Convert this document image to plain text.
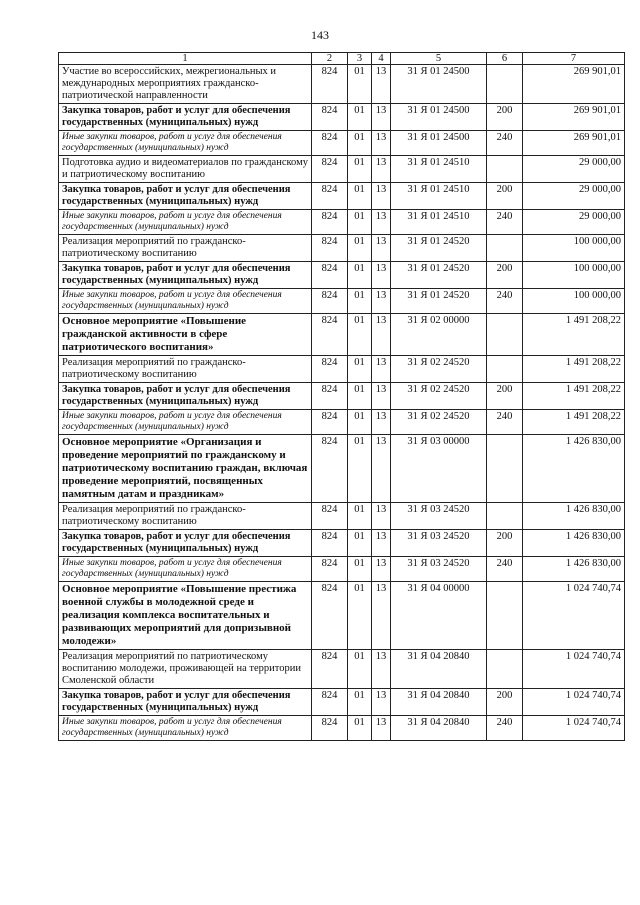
143
1	2	3	4	5	6	7
Участие во всероссийских, межрегиональных и международных мероприятиях гражданско-патриотической направленности	824	01	13	31 Я 01 24500		269 901,01
Закупка товаров, работ и услуг для обеспечения государственных (муниципальных) нужд	824	01	13	31 Я 01 24500	200	269 901,01
Иные закупки товаров, работ и услуг для обеспечения государственных (муниципальных) нужд	824	01	13	31 Я 01 24500	240	269 901,01
Подготовка аудио и видеоматериалов по гражданскому и патриотическому воспитанию	824	01	13	31 Я 01 24510		29 000,00
Закупка товаров, работ и услуг для обеспечения государственных (муниципальных) нужд	824	01	13	31 Я 01 24510	200	29 000,00
Иные закупки товаров, работ и услуг для обеспечения государственных (муниципальных) нужд	824	01	13	31 Я 01 24510	240	29 000,00
Реализация мероприятий по гражданско-патриотическому воспитанию	824	01	13	31 Я 01 24520		100 000,00
Закупка товаров, работ и услуг для обеспечения государственных (муниципальных) нужд	824	01	13	31 Я 01 24520	200	100 000,00
Иные закупки товаров, работ и услуг для обеспечения государственных (муниципальных) нужд	824	01	13	31 Я 01 24520	240	100 000,00
Основное мероприятие «Повышение гражданской активности в сфере патриотического воспитания»	824	01	13	31 Я 02 00000		1 491 208,22
Реализация мероприятий по гражданско-патриотическому воспитанию	824	01	13	31 Я 02 24520		1 491 208,22
Закупка товаров, работ и услуг для обеспечения государственных (муниципальных) нужд	824	01	13	31 Я 02 24520	200	1 491 208,22
Иные закупки товаров, работ и услуг для обеспечения государственных (муниципальных) нужд	824	01	13	31 Я 02 24520	240	1 491 208,22
Основное мероприятие «Организация и проведение мероприятий по гражданскому и патриотическому воспитанию граждан, включая проведение мероприятий, посвященных памятным датам и праздникам»	824	01	13	31 Я 03 00000		1 426 830,00
Реализация мероприятий по гражданско-патриотическому воспитанию	824	01	13	31 Я 03 24520		1 426 830,00
Закупка товаров, работ и услуг для обеспечения государственных (муниципальных) нужд	824	01	13	31 Я 03 24520	200	1 426 830,00
Иные закупки товаров, работ и услуг для обеспечения государственных (муниципальных) нужд	824	01	13	31 Я 03 24520	240	1 426 830,00
Основное мероприятие «Повышение престижа военной службы в молодежной среде и реализация комплекса воспитательных и развивающих мероприятий для допризывной молодежи»	824	01	13	31 Я 04 00000		1 024 740,74
Реализация мероприятий по патриотическому воспитанию молодежи, проживающей на территории Смоленской области	824	01	13	31 Я 04 20840		1 024 740,74
Закупка товаров, работ и услуг для обеспечения государственных (муниципальных) нужд	824	01	13	31 Я 04 20840	200	1 024 740,74
Иные закупки товаров, работ и услуг для обеспечения государственных (муниципальных) нужд	824	01	13	31 Я 04 20840	240	1 024 740,74
